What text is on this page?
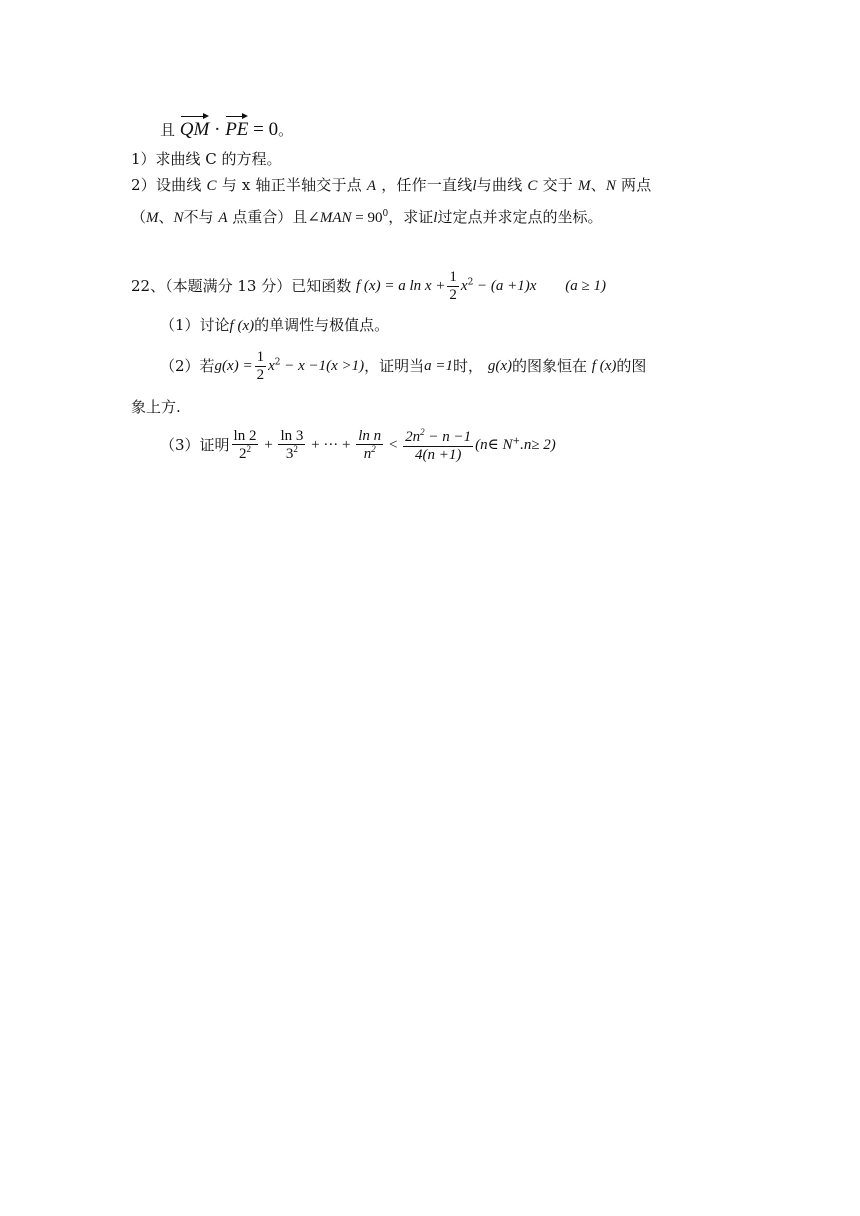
且 QM ·
PE = 0。
1）求曲线 C 的方程。
2）设曲线 C 与 x 轴正半轴交于点 A ，任作一直线l与曲线 C 交于 M、N 两点
（M、N不与 A 点重合）且∠MAN = $90^0$，求证l过定点并求定点的坐标。
22、（本题满分 13 分）已知函数 f (x) = a $\ln x + \frac{1}{2} x^2 - (a +1)x$ (a ≥ 1)
（1）讨论f (x)的单调性与极值点。
（2）若$g(x) = \frac{1}{2} x^2 - x -1(x >1)$，证明当a =1时， g(x)的图象恒在 f (x)的图
象上方.
（3）证明 $\frac{\ln 2}{2^2} + \frac{\ln 3}{3^2}$ + ··· + $\frac{\text{ln n}}{n^2} < \frac{2n^2 - n -1}{4(n +1)}$ (n∈ N+.n≥ 2)
